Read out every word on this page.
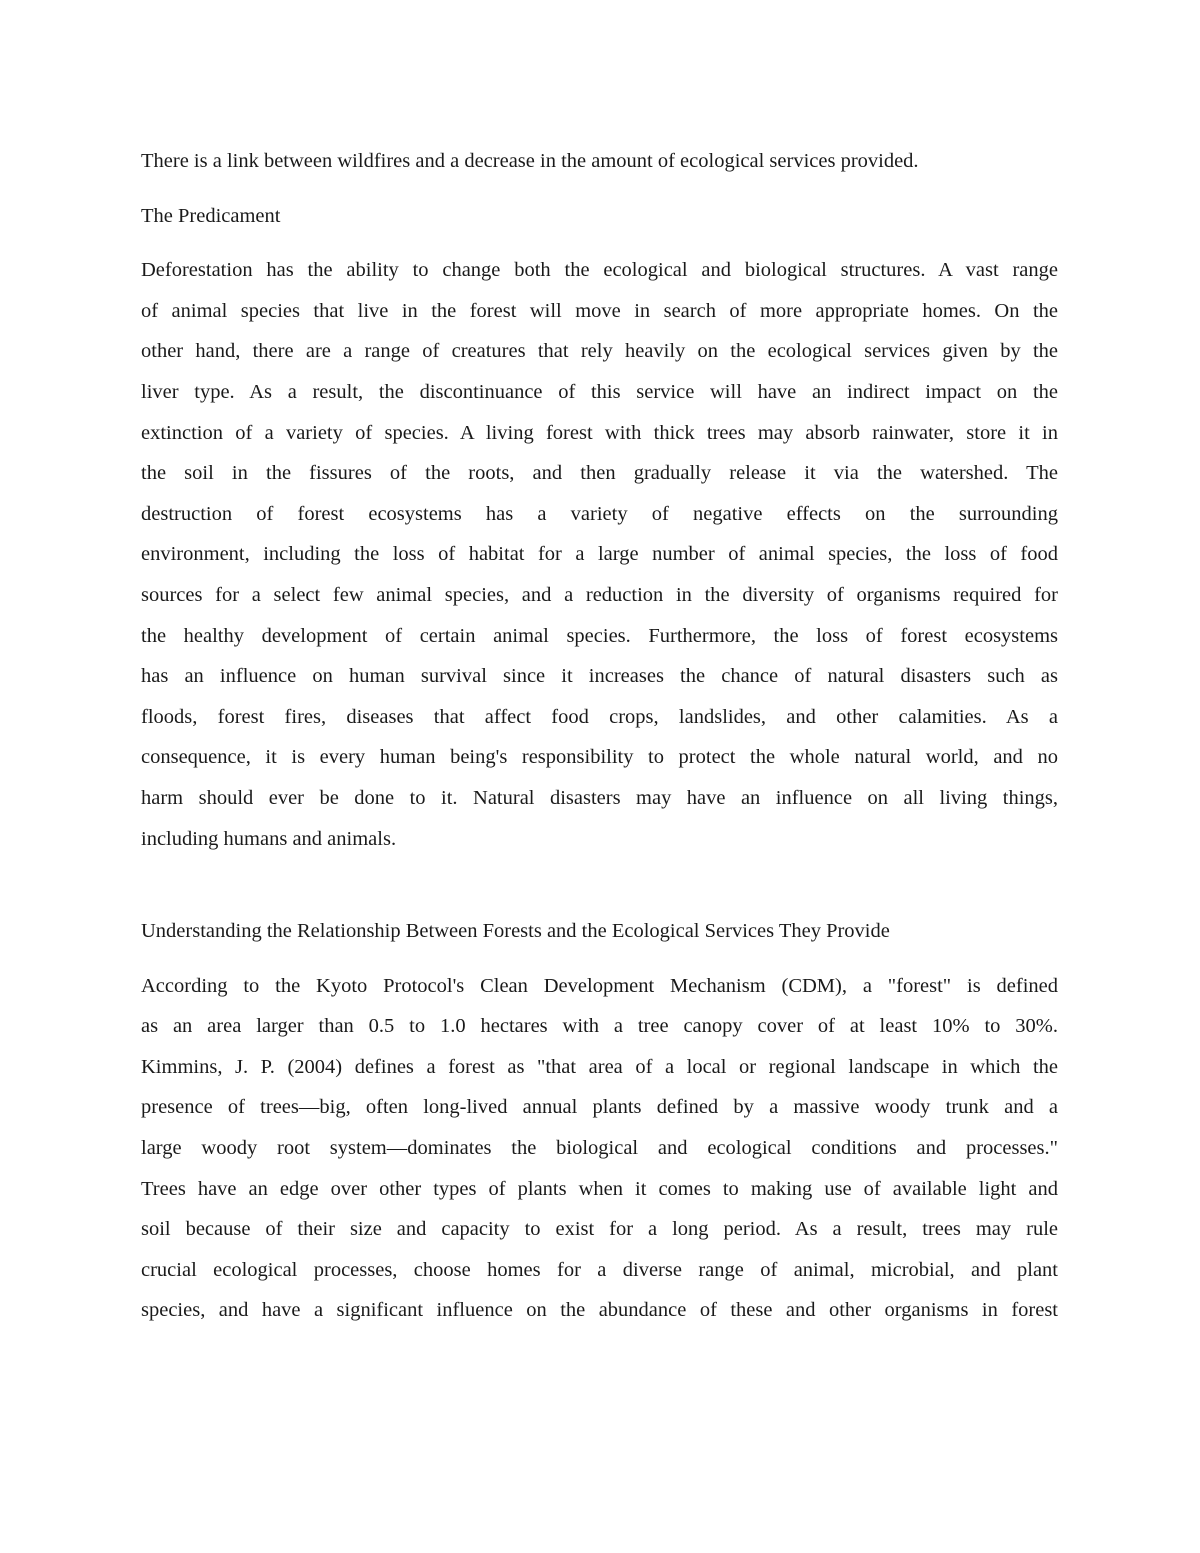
There is a link between wildfires and a decrease in the amount of ecological services provided.

The Predicament

Deforestation has the ability to change both the ecological and biological structures. A vast range

of animal species that live in the forest will move in search of more appropriate homes. On the

other hand, there are a range of creatures that rely heavily on the ecological services given by the

liver type. As a result, the discontinuance of this service will have an indirect impact on the

extinction of a variety of species. A living forest with thick trees may absorb rainwater, store it in

the soil in the fissures of the roots, and then gradually release it via the watershed. The

destruction of forest ecosystems has a variety of negative effects on the surrounding

environment, including the loss of habitat for a large number of animal species, the loss of food

sources for a select few animal species, and a reduction in the diversity of organisms required for

the healthy development of certain animal species. Furthermore, the loss of forest ecosystems

has an influence on human survival since it increases the chance of natural disasters such as

floods, forest fires, diseases that affect food crops, landslides, and other calamities. As a

consequence, it is every human being's responsibility to protect the whole natural world, and no

harm should ever be done to it. Natural disasters may have an influence on all living things,

including humans and animals.

Understanding the Relationship Between Forests and the Ecological Services They Provide

According to the Kyoto Protocol's Clean Development Mechanism (CDM), a "forest" is defined

as an area larger than 0.5 to 1.0 hectares with a tree canopy cover of at least 10% to 30%.

Kimmins, J. P. (2004) defines a forest as "that area of a local or regional landscape in which the

presence of trees—big, often long-lived annual plants defined by a massive woody trunk and a

large woody root system—dominates the biological and ecological conditions and processes."

Trees have an edge over other types of plants when it comes to making use of available light and

soil because of their size and capacity to exist for a long period. As a result, trees may rule

crucial ecological processes, choose homes for a diverse range of animal, microbial, and plant

species, and have a significant influence on the abundance of these and other organisms in forest
